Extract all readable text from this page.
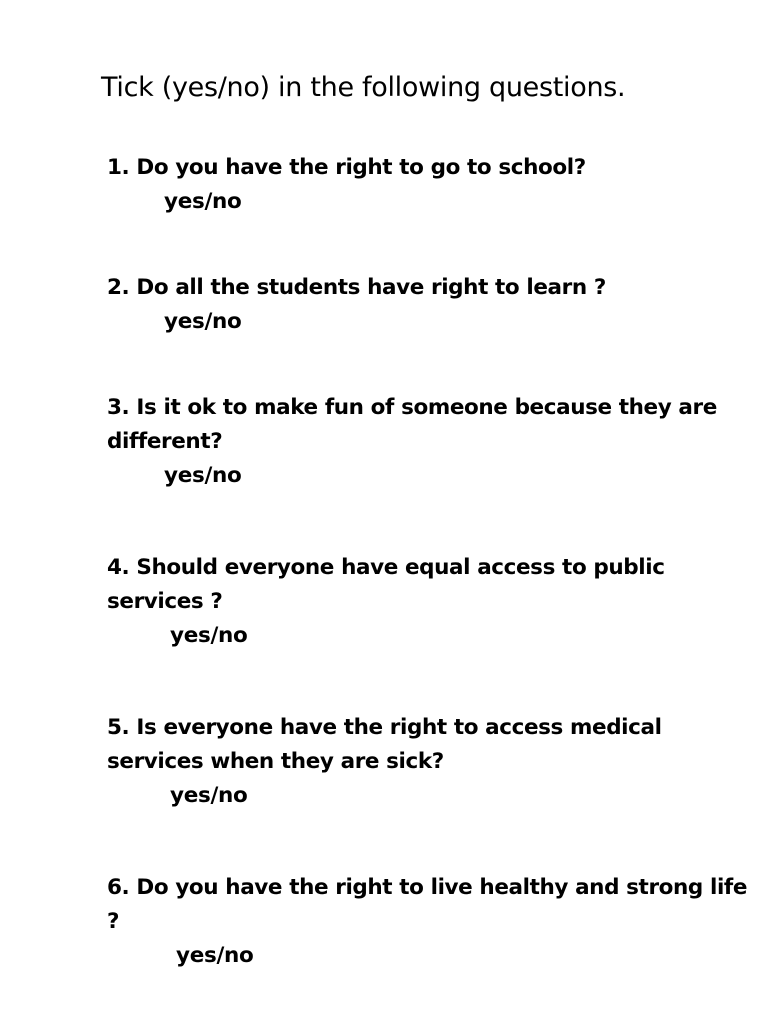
Tick (yes/no) in the following questions.

1. Do you have the right to go to school?

yes/no

2. Do all the students have right to learn ?

yes/no

3. Is it ok to make fun of someone because they are different?

yes/no

4. Should everyone have equal access to public services ?

yes/no

5. Is everyone have the right to access medical services when they are sick?

yes/no

6. Do you have the right to live healthy and strong life ?

yes/no
